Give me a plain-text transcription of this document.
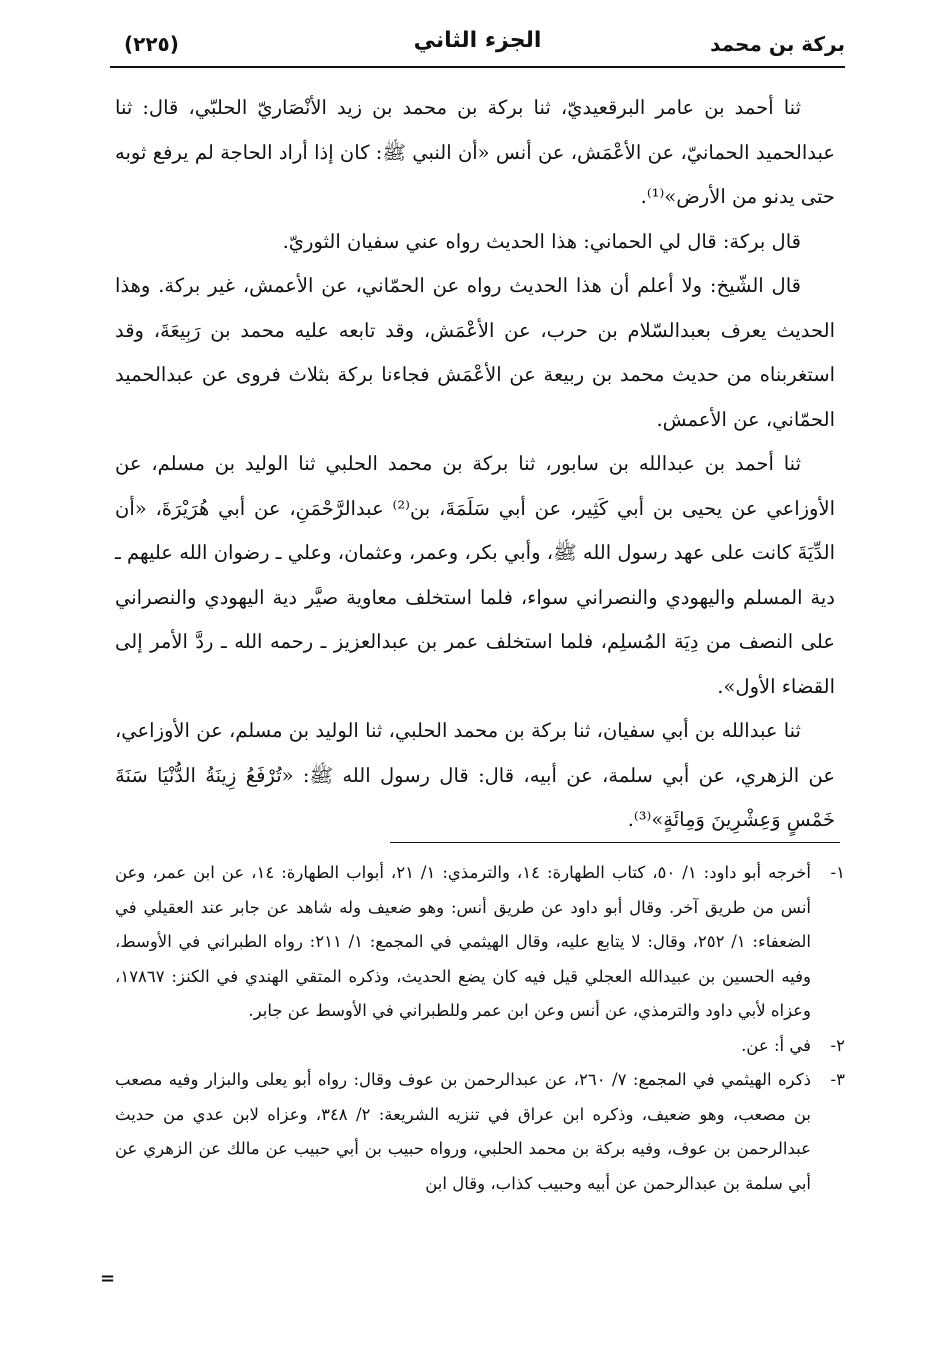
بركة بن محمد
الجزء الثاني
(٢٢٥)

ثنا أحمد بن عامر البرقعيديّ، ثنا بركة بن محمد بن زيد الأنْصَاريّ الحلبّي، قال: ثنا عبدالحميد الحمانيّ، عن الأعْمَش، عن أنس «أن النبي ﷺ: كان إذا أراد الحاجة لم يرفع ثوبه حتى يدنو من الأرض»⁽¹⁾.

قال بركة: قال لي الحماني: هذا الحديث رواه عني سفيان الثوريّ.

قال الشّيخ: ولا أعلم أن هذا الحديث رواه عن الحمّاني، عن الأعمش، غير بركة. وهذا الحديث يعرف بعبدالسّلام بن حرب، عن الأعْمَش، وقد تابعه عليه محمد بن رَبِيعَةَ، وقد استغربناه من حديث محمد بن ربيعة عن الأعْمَش فجاءنا بركة بثلاث فروى عن عبدالحميد الحمّاني، عن الأعمش.

ثنا أحمد بن عبدالله بن سابور، ثنا بركة بن محمد الحلبي ثنا الوليد بن مسلم، عن الأوزاعي عن يحيى بن أبي كَثِير، عن أبي سَلَمَةَ، بن⁽²⁾ عبدالرَّحْمَنِ، عن أبي هُرَيْرَةَ، «أن الدِّيَةَ كانت على عهد رسول الله ﷺ، وأبي بكر، وعمر، وعثمان، وعلي ـ رضوان الله عليهم ـ دية المسلم واليهودي والنصراني سواء، فلما استخلف معاوية صيَّر دية اليهودي والنصراني على النصف من دِيَة المُسلِم، فلما استخلف عمر بن عبدالعزيز ـ رحمه الله ـ ردَّ الأمر إلى القضاء الأول».

ثنا عبدالله بن أبي سفيان، ثنا بركة بن محمد الحلبي، ثنا الوليد بن مسلم، عن الأوزاعي، عن الزهري، عن أبي سلمة، عن أبيه، قال: قال رسول الله ﷺ: «تُرْفَعُ زِينَةُ الدُّنْيَا سَنَةَ خَمْسٍ وَعِشْرِينَ وَمِائَةٍ»⁽³⁾.

١-
أخرجه أبو داود: ١/ ٥٠، كتاب الطهارة: ١٤، والترمذي: ١/ ٢١، أبواب الطهارة: ١٤، عن ابن عمر، وعن أنس من طريق آخر. وقال أبو داود عن طريق أنس: وهو ضعيف وله شاهد عن جابر عند العقيلي في الضعفاء: ١/ ٢٥٢، وقال: لا يتابع عليه، وقال الهيثمي في المجمع: ١/ ٢١١: رواه الطبراني في الأوسط، وفيه الحسين بن عبيدالله العجلي قيل فيه كان يضع الحديث، وذكره المتقي الهندي في الكنز: ١٧٨٦٧، وعزاه لأبي داود والترمذي، عن أنس وعن ابن عمر وللطبراني في الأوسط عن جابر.

٢-
في أ: عن.

٣-
ذكره الهيثمي في المجمع: ٧/ ٢٦٠، عن عبدالرحمن بن عوف وقال: رواه أبو يعلى والبزار وفيه مصعب بن مصعب، وهو ضعيف، وذكره ابن عراق في تنزيه الشريعة: ٢/ ٣٤٨، وعزاه لابن عدي من حديث عبدالرحمن بن عوف، وفيه بركة بن محمد الحلبي، ورواه حبيب بن أبي حبيب عن مالك عن الزهري عن أبي سلمة بن عبدالرحمن عن أبيه وحبيب كذاب، وقال ابن

=
